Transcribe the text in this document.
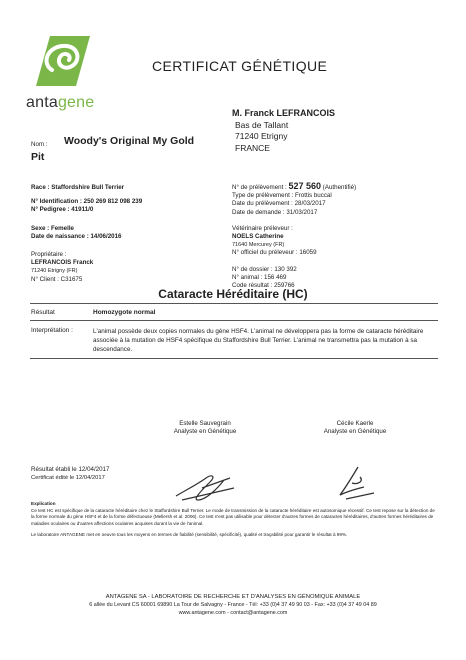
antagene
CERTIFICAT GÉNÉTIQUE
M. Franck LEFRANCOIS
Bas de Tallant
71240 Etrigny
FRANCE
Nom : Woody's Original My Gold
Pit
Race : Staffordshire Bull Terrier
N° Identification : 250 269 812 098 239
N° Pedigree : 41911/0
Sexe : Femelle
Date de naissance : 14/06/2016
Propriétaire :
LEFRANCOIS Franck
71240 Etrigny (FR)
N° Client : C31675
N° de prélèvement : 527 560 (Authentifié)
Type de prélèvement : Frottis buccal
Date du prélèvement : 28/03/2017
Date de demande : 31/03/2017
Vétérinaire préleveur :
NOELS Catherine
71640 Mercurey (FR)
N° officiel du préleveur : 16059
N° de dossier : 130 392
N° animal : 156 469
Code résultat : 259766
Cataracte Héréditaire (HC)
Résultat	Homozygote normal
Interprétation :	L'animal possède deux copies normales du gène HSF4. L'animal ne développera pas la forme de cataracte héréditaire associée à la mutation de HSF4 spécifique du Staffordshire Bull Terrier. L'animal ne transmettra pas la mutation à sa descendance.
Estelle Sauvegrain
Analyste en Génétique
Cécile Kaerle
Analyste en Génétique
Résultat établi le 12/04/2017
Certificat édité le 12/04/2017
Explication
Ce test HC est spécifique de la cataracte héréditaire chez le Staffordshire Bull Terrier. Le mode de transmission de la cataracte héréditaire est autosomique récessif. Ce test repose sur la détection de la forme normale du gène HSF4 et de la forme défectueuse (Mellersh et al. 2006). Ce test n'est pas utilisable pour détecter d'autres formes de cataractes héréditaires, d'autres formes héréditaires de maladies oculaires ou d'autres affections oculaires acquises durant la vie de l'animal.
Le laboratoire ANTAGENE met en oeuvre tous les moyens en termes de fiabilité (sensibilité, spécificité), qualité et traçabilité pour garantir le résultat à 99%.
ANTAGENE SA - LABORATOIRE DE RECHERCHE ET D'ANALYSES EN GÉNOMIQUE ANIMALE
6 allée du Levant CS 60001 69890 La Tour de Salvagny - France - Tél: +33 (0)4 37 49 90 03 - Fax: +33 (0)4 37 49 04 89
www.antagene.com - contact@antagene.com
